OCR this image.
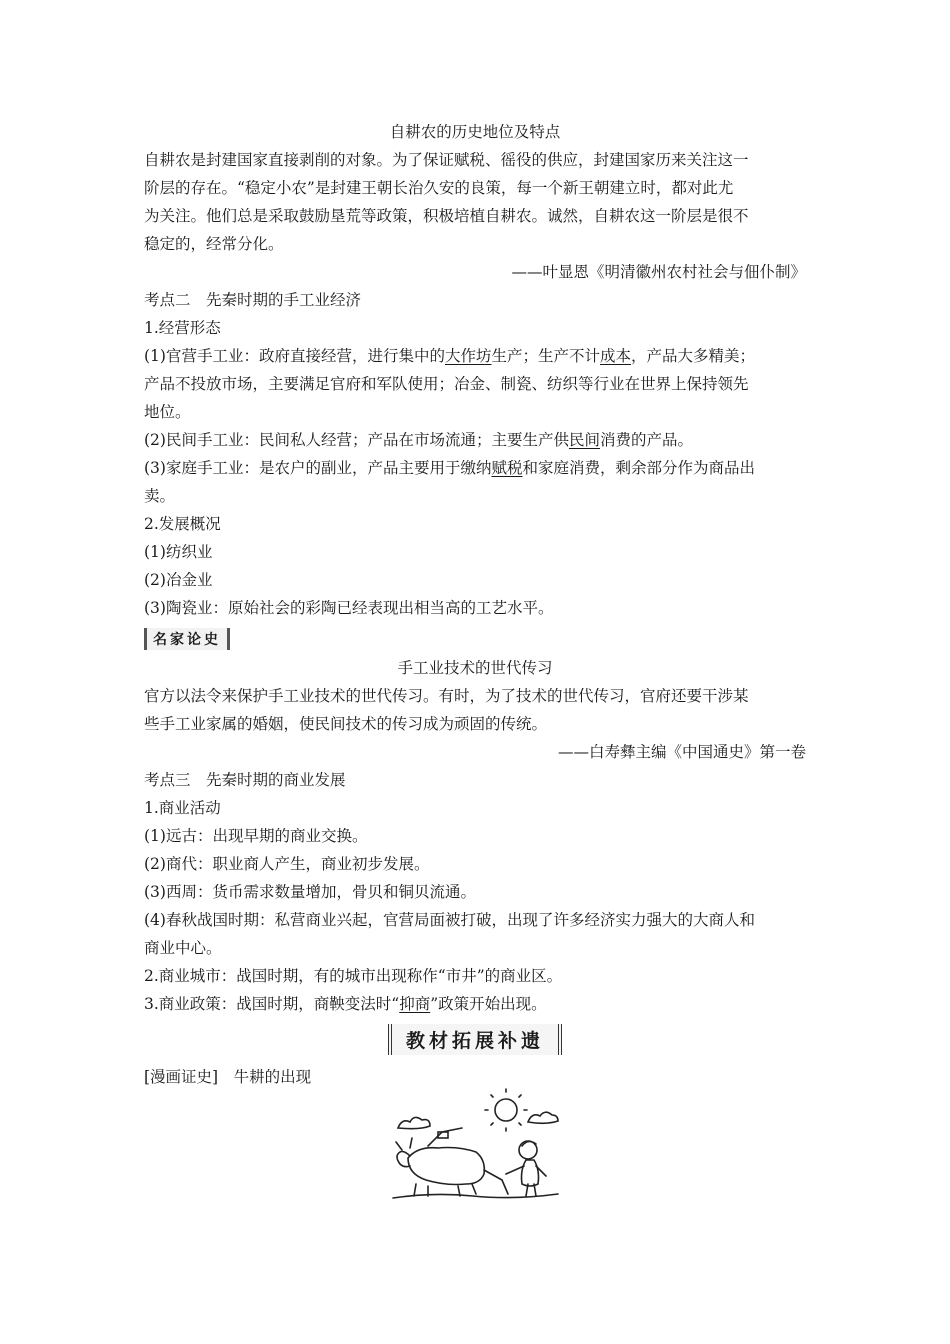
自耕农的历史地位及特点
自耕农是封建国家直接剥削的对象。为了保证赋税、徭役的供应，封建国家历来关注这一
阶层的存在。“稳定小农”是封建王朝长治久安的良策，每一个新王朝建立时，都对此尤
为关注。他们总是采取鼓励垦荒等政策，积极培植自耕农。诚然，自耕农这一阶层是很不
稳定的，经常分化。
——叶显恩《明清徽州农村社会与佃仆制》
考点二　先秦时期的手工业经济
1.经营形态
(1)官营手工业：政府直接经营，进行集中的大作坊生产；生产不计成本，产品大多精美；
产品不投放市场，主要满足官府和军队使用；冶金、制瓷、纺织等行业在世界上保持领先
地位。
(2)民间手工业：民间私人经营；产品在市场流通；主要生产供民间消费的产品。
(3)家庭手工业：是农户的副业，产品主要用于缴纳赋税和家庭消费，剩余部分作为商品出
卖。
2.发展概况
(1)纺织业
(2)冶金业
(3)陶瓷业：原始社会的彩陶已经表现出相当高的工艺水平。
名家论史
手工业技术的世代传习
官方以法令来保护手工业技术的世代传习。有时，为了技术的世代传习，官府还要干涉某
些手工业家属的婚姻，使民间技术的传习成为顽固的传统。
——白寿彝主编《中国通史》第一卷
考点三　先秦时期的商业发展
1.商业活动
(1)远古：出现早期的商业交换。
(2)商代：职业商人产生，商业初步发展。
(3)西周：货币需求数量增加，骨贝和铜贝流通。
(4)春秋战国时期：私营商业兴起，官营局面被打破，出现了许多经济实力强大的大商人和
商业中心。
2.商业城市：战国时期，有的城市出现称作“市井”的商业区。
3.商业政策：战国时期，商鞅变法时“抑商”政策开始出现。
教材拓展补遗
[漫画证史]　牛耕的出现
